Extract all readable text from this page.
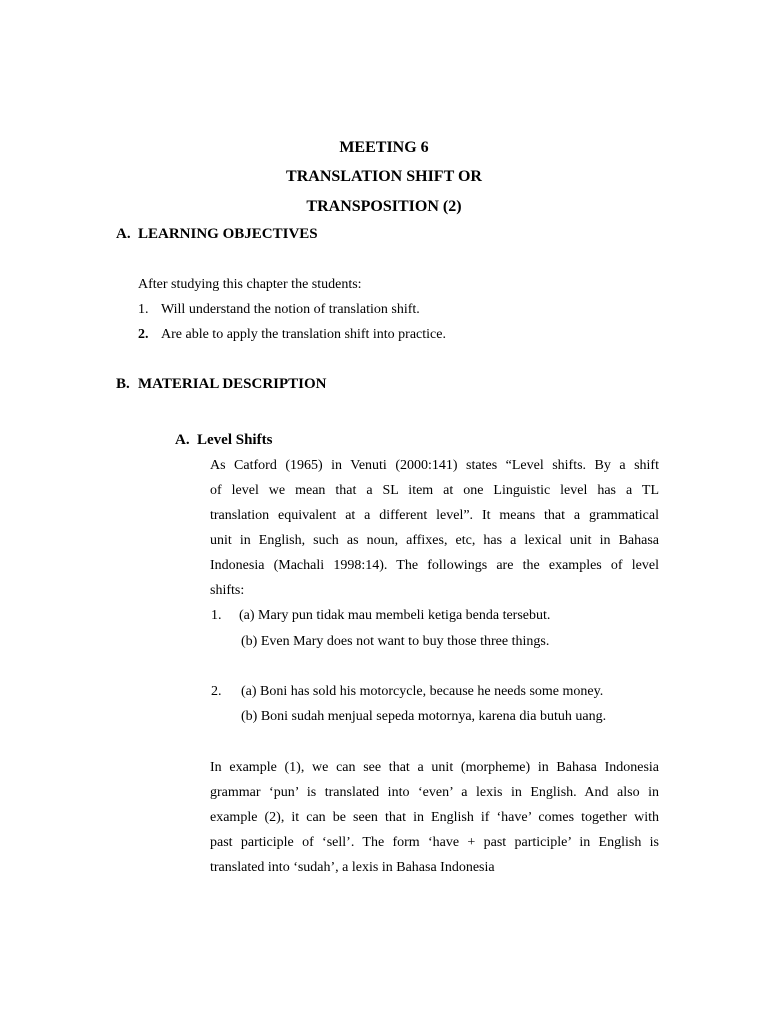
MEETING 6
TRANSLATION SHIFT OR
TRANSPOSITION (2)
A. LEARNING OBJECTIVES
After studying this chapter the students:
1. Will understand the notion of translation shift.
2. Are able to apply the translation shift into practice.
B. MATERIAL DESCRIPTION
A. Level Shifts
As Catford (1965) in Venuti (2000:141) states “Level shifts. By a shift
of level we mean that a SL item at one Linguistic level has a TL
translation equivalent at a different level”. It means that a grammatical
unit in English, such as noun, affixes, etc, has a lexical unit in Bahasa
Indonesia (Machali 1998:14). The followings are the examples of level
shifts:
1. (a) Mary pun tidak mau membeli ketiga benda tersebut.
(b) Even Mary does not want to buy those three things.
2. (a) Boni has sold his motorcycle, because he needs some money.
(b) Boni sudah menjual sepeda motornya, karena dia butuh uang.
In example (1), we can see that a unit (morpheme) in Bahasa Indonesia
grammar ‘pun’ is translated into ‘even’ a lexis in English. And also in
example (2), it can be seen that in English if ‘have’ comes together with
past participle of ‘sell’. The form ‘have + past participle’ in English is
translated into ‘sudah’, a lexis in Bahasa Indonesia
